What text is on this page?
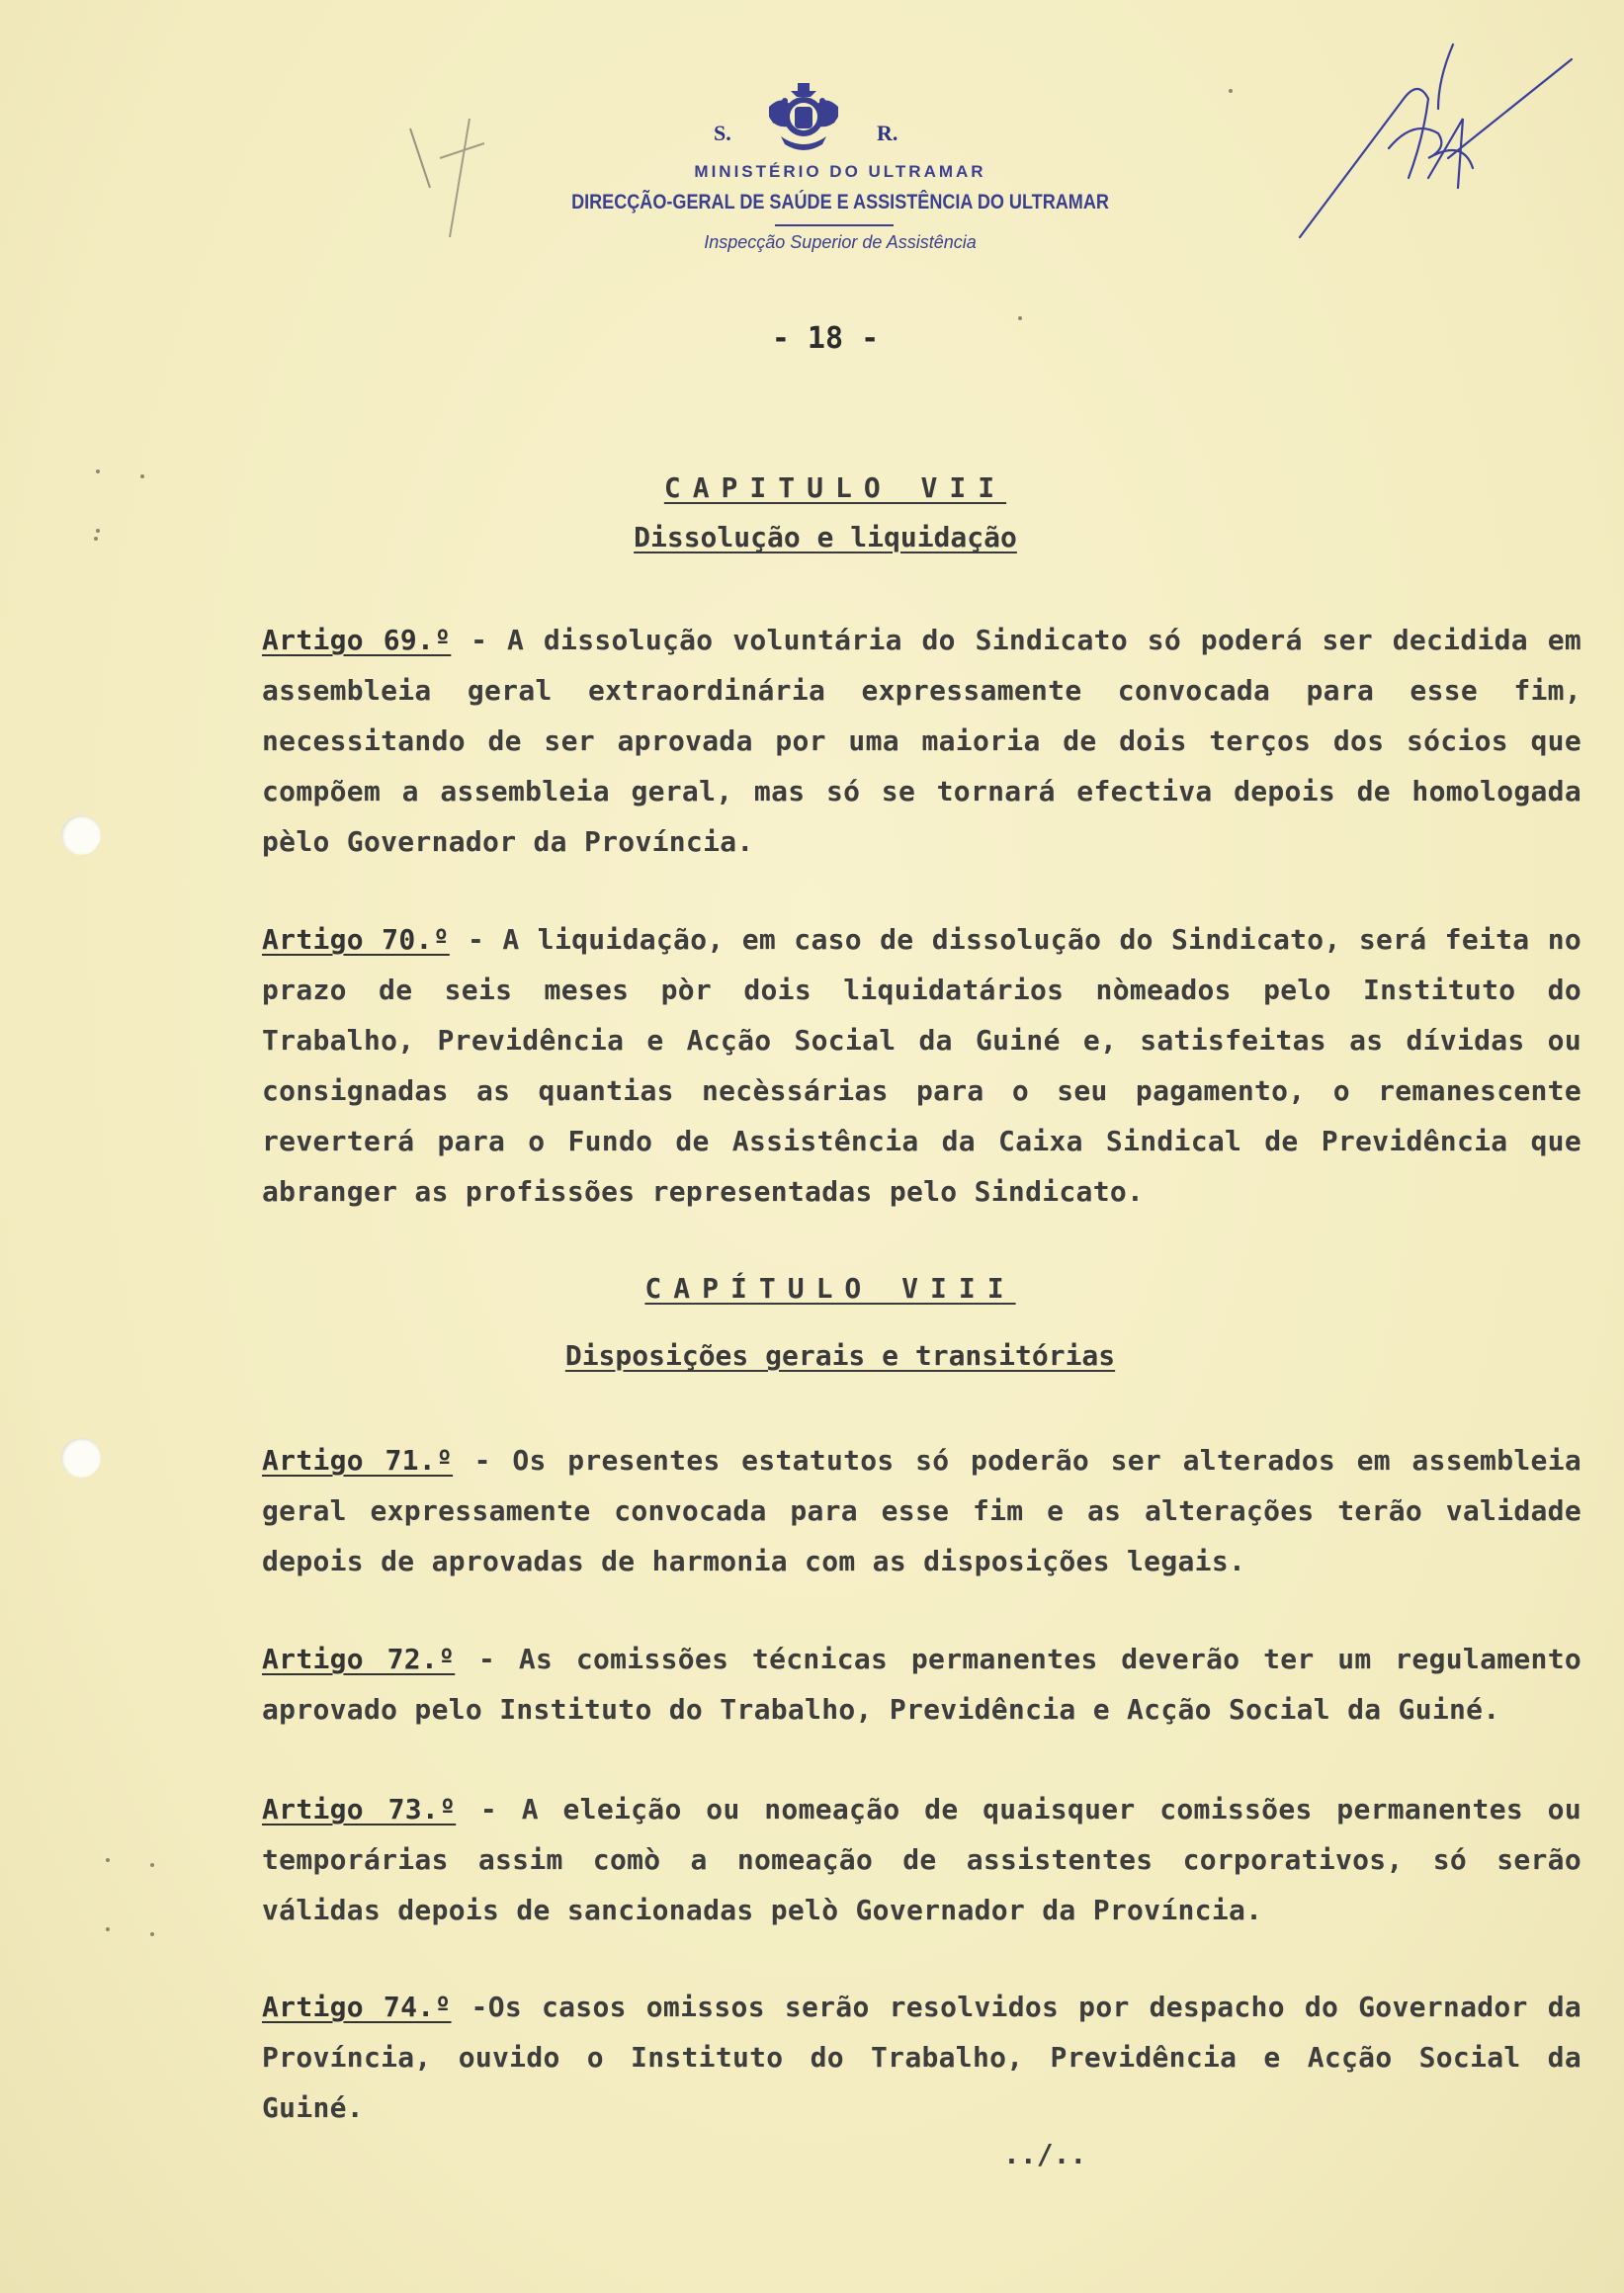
S.	R.
MINISTÉRIO DO ULTRAMAR
DIRECÇÃO-GERAL DE SAÚDE E ASSISTÊNCIA DO ULTRAMAR
Inspecção Superior de Assistência
- 18 -
CAPITULO VII
Dissolução e liquidação
Artigo 69.º - A dissolução voluntária do Sindicato só poderá ser decidida em assembleia geral extraordinária expressamente convocada para esse fim, necessitando de ser aprovada por uma maioria de dois terços dos sócios que compõem a assembleia geral, mas só se tornará efectiva depois de homologada pèlo Governador da Província.
Artigo 70.º - A liquidação, em caso de dissolução do Sindicato, será feita no prazo de seis meses pòr dois liquidatários nòmeados pelo Instituto do Trabalho, Previdência e Acção Social da Guiné e, satisfeitas as dívidas ou consignadas as quantias necèssárias para o seu pagamento, o remanescente reverterá para o Fundo de Assistência da Caixa Sindical de Previdência que abranger as profissões representadas pelo Sindicato.
CAPÍTULO VIII
Disposições gerais e transitórias
Artigo 71.º - Os presentes estatutos só poderão ser alterados em assembleia geral expressamente convocada para esse fim e as alterações terão validade depois de aprovadas de harmonia com as disposições legais.
Artigo 72.º - As comissões técnicas permanentes deverão ter um regulamento aprovado pelo Instituto do Trabalho, Previdência e Acção Social da Guiné.
Artigo 73.º - A eleição ou nomeação de quaisquer comissões permanentes ou temporárias assim comò a nomeação de assistentes corporativos, só serão válidas depois de sancionadas pelò Governador da Província.
Artigo 74.º -Os casos omissos serão resolvidos por despacho do Governador da Província, ouvido o Instituto do Trabalho, Previdência e Acção Social da Guiné.
../..
